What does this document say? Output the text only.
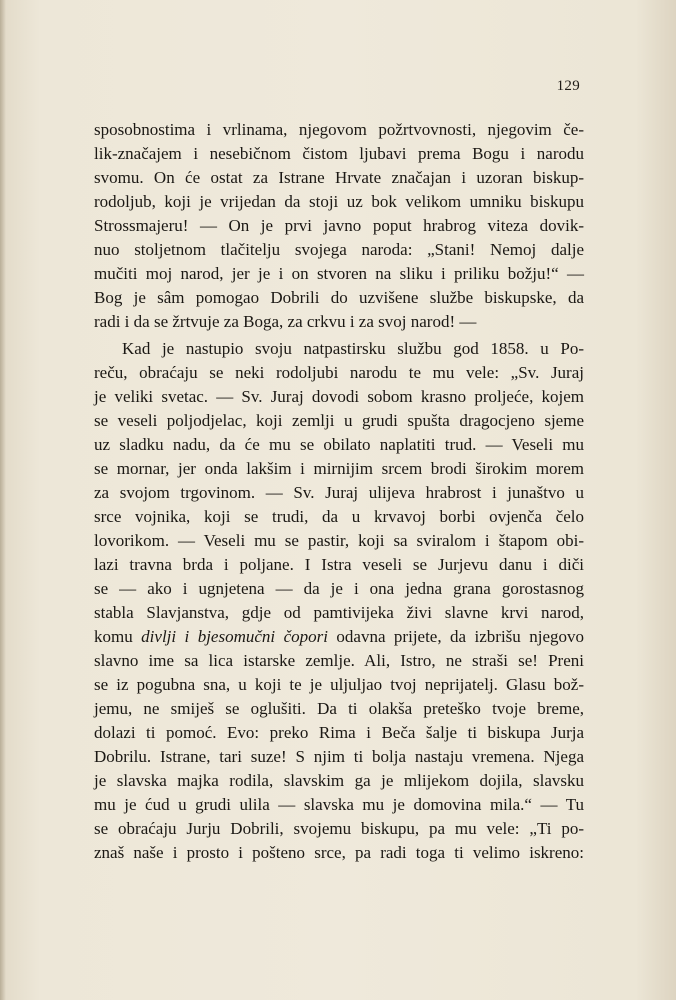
129
sposobnostima i vrlinama, njegovom požrtvovnosti, njegovim če-
lik-značajem i nesebičnom čistom ljubavi prema Bogu i narodu
svomu. On će ostat za Istrane Hrvate značajan i uzoran biskup-
rodoljub, koji je vrijedan da stoji uz bok velikom umniku biskupu
Strossmajeru! — On je prvi javno poput hrabrog viteza dovik-
nuo stoljetnom tlačitelju svojega naroda: „Stani! Nemoj dalje
mučiti moj narod, jer je i on stvoren na sliku i priliku božju!“ —
Bog je sâm pomogao Dobrili do uzvišene službe biskupske, da
radi i da se žrtvuje za Boga, za crkvu i za svoj narod! —
Kad je nastupio svoju natpastirsku službu god 1858. u Po-
reču, obraćaju se neki rodoljubi narodu te mu vele: „Sv. Juraj
je veliki svetac. — Sv. Juraj dovodi sobom krasno proljeće, kojem
se veseli poljodjelac, koji zemlji u grudi spušta dragocjeno sjeme
uz sladku nadu, da će mu se obilato naplatiti trud. — Veseli mu
se mornar, jer onda lakšim i mirnijim srcem brodi širokim morem
za svojom trgovinom. — Sv. Juraj ulijeva hrabrost i junaštvo u
srce vojnika, koji se trudi, da u krvavoj borbi ovjenča čelo
lovorikom. — Veseli mu se pastir, koji sa sviralom i štapom obi-
lazi travna brda i poljane. I Istra veseli se Jurjevu danu i diči
se — ako i ugnjetena — da je i ona jedna grana gorostasnog
stabla Slavjanstva, gdje od pamtivijeka živi slavne krvi narod,
komu divlji i bjesomučni čopori odavna prijete, da izbrišu njegovo
slavno ime sa lica istarske zemlje. Ali, Istro, ne straši se! Preni
se iz pogubna sna, u koji te je uljuljao tvoj neprijatelj. Glasu bož-
jemu, ne smiješ se oglušiti. Da ti olakša preteško tvoje breme,
dolazi ti pomoć. Evo: preko Rima i Beča šalje ti biskupa Jurja
Dobrilu. Istrane, tari suze! S njim ti bolja nastaju vremena. Njega
je slavska majka rodila, slavskim ga je mlijekom dojila, slavsku
mu je ćud u grudi ulila — slavska mu je domovina mila.“ — Tu
se obraćaju Jurju Dobrili, svojemu biskupu, pa mu vele: „Ti po-
znaš naše i prosto i pošteno srce, pa radi toga ti velimo iskreno:
